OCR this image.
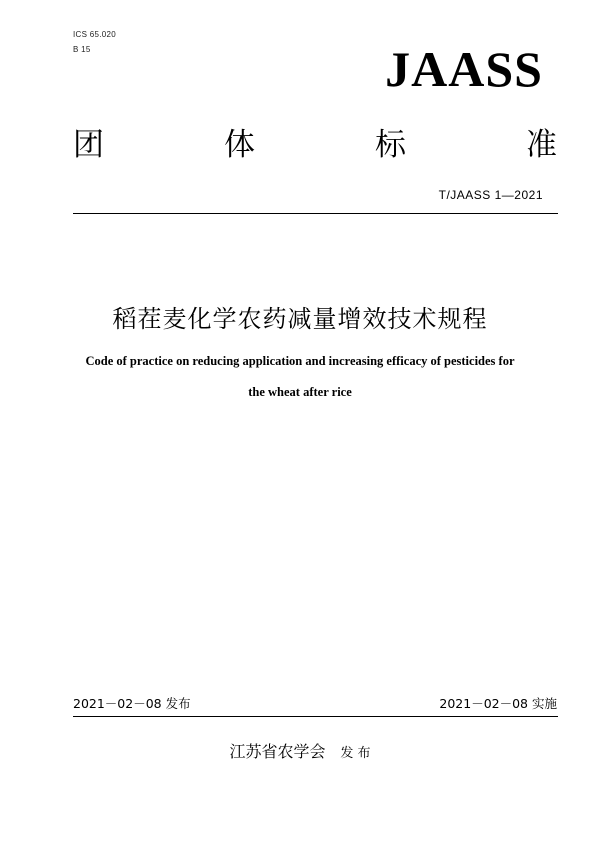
ICS 65.020
B 15	JAASS
团	体	标	准
T/JAASS 1—2021
稻茬麦化学农药减量增效技术规程
Code of practice on reducing application and increasing efficacy of pesticides for
the wheat after rice
2021－02－08 发布	2021－02－08 实施
江苏省农学会 发 布
